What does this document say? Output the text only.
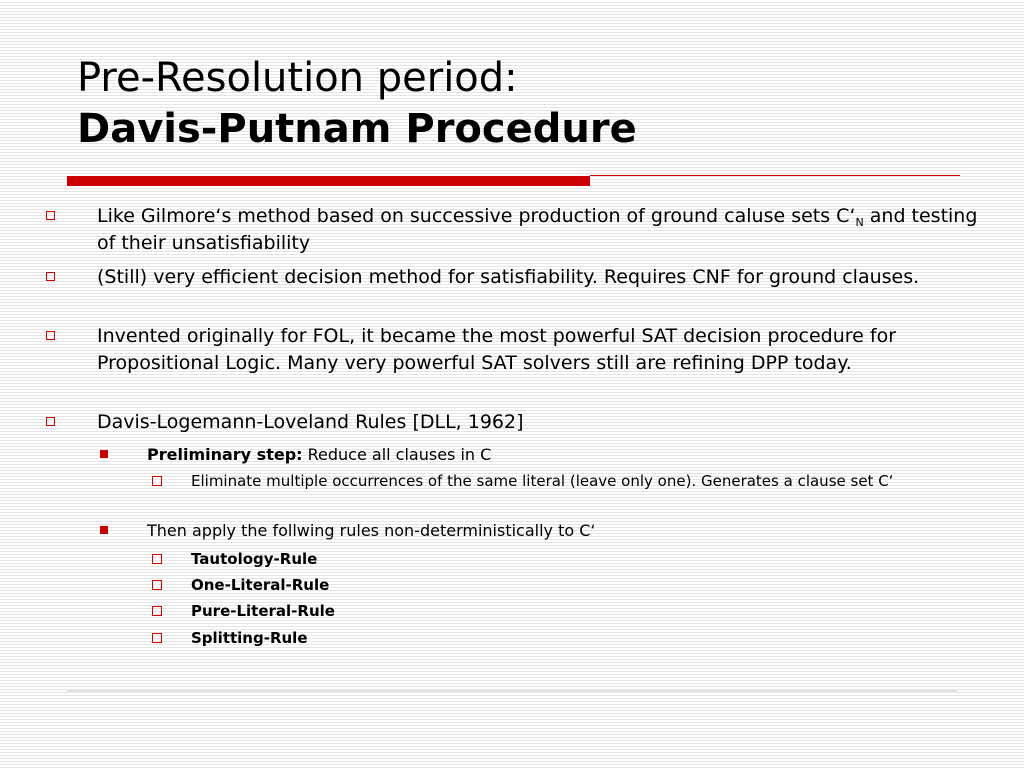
Pre-Resolution period:
Davis-Putnam Procedure
Like Gilmore‘s method based on successive production of ground caluse sets $C‘_N$ and testing of their unsatisfiability
(Still) very efficient decision method for satisfiability. Requires CNF for ground clauses.
Invented originally for FOL, it became the most powerful SAT decision procedure for Propositional Logic. Many very powerful SAT solvers still are refining DPP today.
Davis-Logemann-Loveland Rules [DLL, 1962]
Preliminary step: Reduce all clauses in C
Eliminate multiple occurrences of the same literal (leave only one). Generates a clause set C‘
Then apply the follwing rules non-deterministically to C‘
Tautology-Rule
One-Literal-Rule
Pure-Literal-Rule
Splitting-Rule
